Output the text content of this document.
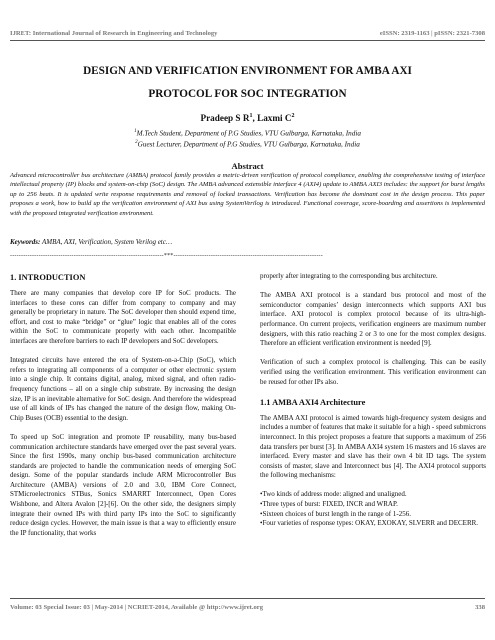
IJRET: International Journal of Research in Engineering and Technology	eISSN: 2319-1163 | pISSN: 2321-7308
DESIGN AND VERIFICATION ENVIRONMENT FOR AMBA AXI
PROTOCOL FOR SOC INTEGRATION
Pradeep S $R^1$, Laxmi $C^2$
$^1$M.Tech Student, Department of P.G Studies, VTU Gulbarga, Karnataka, India
$^2$Guest Lecturer, Department of P.G Studies, VTU Gulbarga, Karnataka, India
Abstract
Advanced microcontroller bus architecture (AMBA) protocol family provides a metric-driven verification of protocol compliance, enabling the comprehensive testing of interface intellectual property (IP) blocks and system-on-chip (SoC) design. The AMBA advanced extensible interface 4 (AXI4) update to AMBA AXI3 includes: the support for burst lengths up to 256 beats. It is updated write response requirements and removal of locked transactions. Verification has become the dominant cost in the design process. This paper proposes a work, how to build up the verification environment of AXI bus using SystemVerilog is introduced. Functional coverage, score-boarding and assertions is implemented with the proposed integrated verification environment.
Keywords: AMBA, AXI, Verification, System Verilog etc…
----------------------------------------------------------------------***--------------------------------------------------------------------
1. INTRODUCTION

There are many companies that develop core IP for SoC products. The interfaces to these cores can differ from company to company and may generally be proprietary in nature. The SoC developer then should expend time, effort, and cost to make “bridge” or “glue” logic that enables all of the cores within the SoC to communicate properly with each other. Incompatible interfaces are therefore barriers to each IP developers and SoC developers.

Integrated circuits have entered the era of System-on-a-Chip (SoC), which refers to integrating all components of a computer or other electronic system into a single chip. It contains digital, analog, mixed signal, and often radio-frequency functions – all on a single chip substrate. By increasing the design size, IP is an inevitable alternative for SoC design. And therefore the widespread use of all kinds of IPs has changed the nature of the design flow, making On-Chip Buses (OCB) essential to the design.

To speed up SoC integration and promote IP reusability, many bus-based communication architecture standards have emerged over the past several years. Since the first 1990s, many onchip bus-based communication architecture standards are projected to handle the communication needs of emerging SoC design. Some of the popular standards include ARM Microcontroller Bus Architecture (AMBA) versions of 2.0 and 3.0, IBM Core Connect, STMicroelectronics STBus, Sonics SMARRT Interconnect, Open Cores Wishbone, and Altera Avalon [2]-[6]. On the other side, the designers simply integrate their owned IPs with third party IPs into the SoC to significantly reduce design cycles. However, the main issue is that a way to efficiently ensure the IP functionality, that works

properly after integrating to the corresponding bus architecture.

The AMBA AXI protocol is a standard bus protocol and most of the semiconductor companies’ design interconnects which supports AXI bus interface. AXI protocol is complex protocol because of its ultra-high-performance. On current projects, verification engineers are maximum number designers, with this ratio reaching 2 or 3 to one for the most complex designs. Therefore an efficient verification environment is needed [9].

Verification of such a complex protocol is challenging. This can be easily verified using the verification environment. This verification environment can be reused for other IPs also.

1.1 AMBA AXI4 Architecture

The AMBA AXI protocol is aimed towards high-frequency system designs and includes a number of features that make it suitable for a high - speed submicrons interconnect. In this project proposes a feature that supports a maximum of 256 data transfers per burst [3]. In AMBA AXI4 system 16 masters and 16 slaves are interfaced. Every master and slave has their own 4 bit ID tags. The system consists of master, slave and Interconnect bus [4]. The AXI4 protocol supports the following mechanisms:

•Two kinds of address mode: aligned and unaligned.
•Three types of burst: FIXED, INCR and WRAP.
•Sixteen choices of burst length in the range of 1-256.
•Four varieties of response types: OKAY, EXOKAY, SLVERR and DECERR.
Volume: 03 Special Issue: 03 | May-2014 | NCRIET-2014, Available @ http://www.ijret.org	338
